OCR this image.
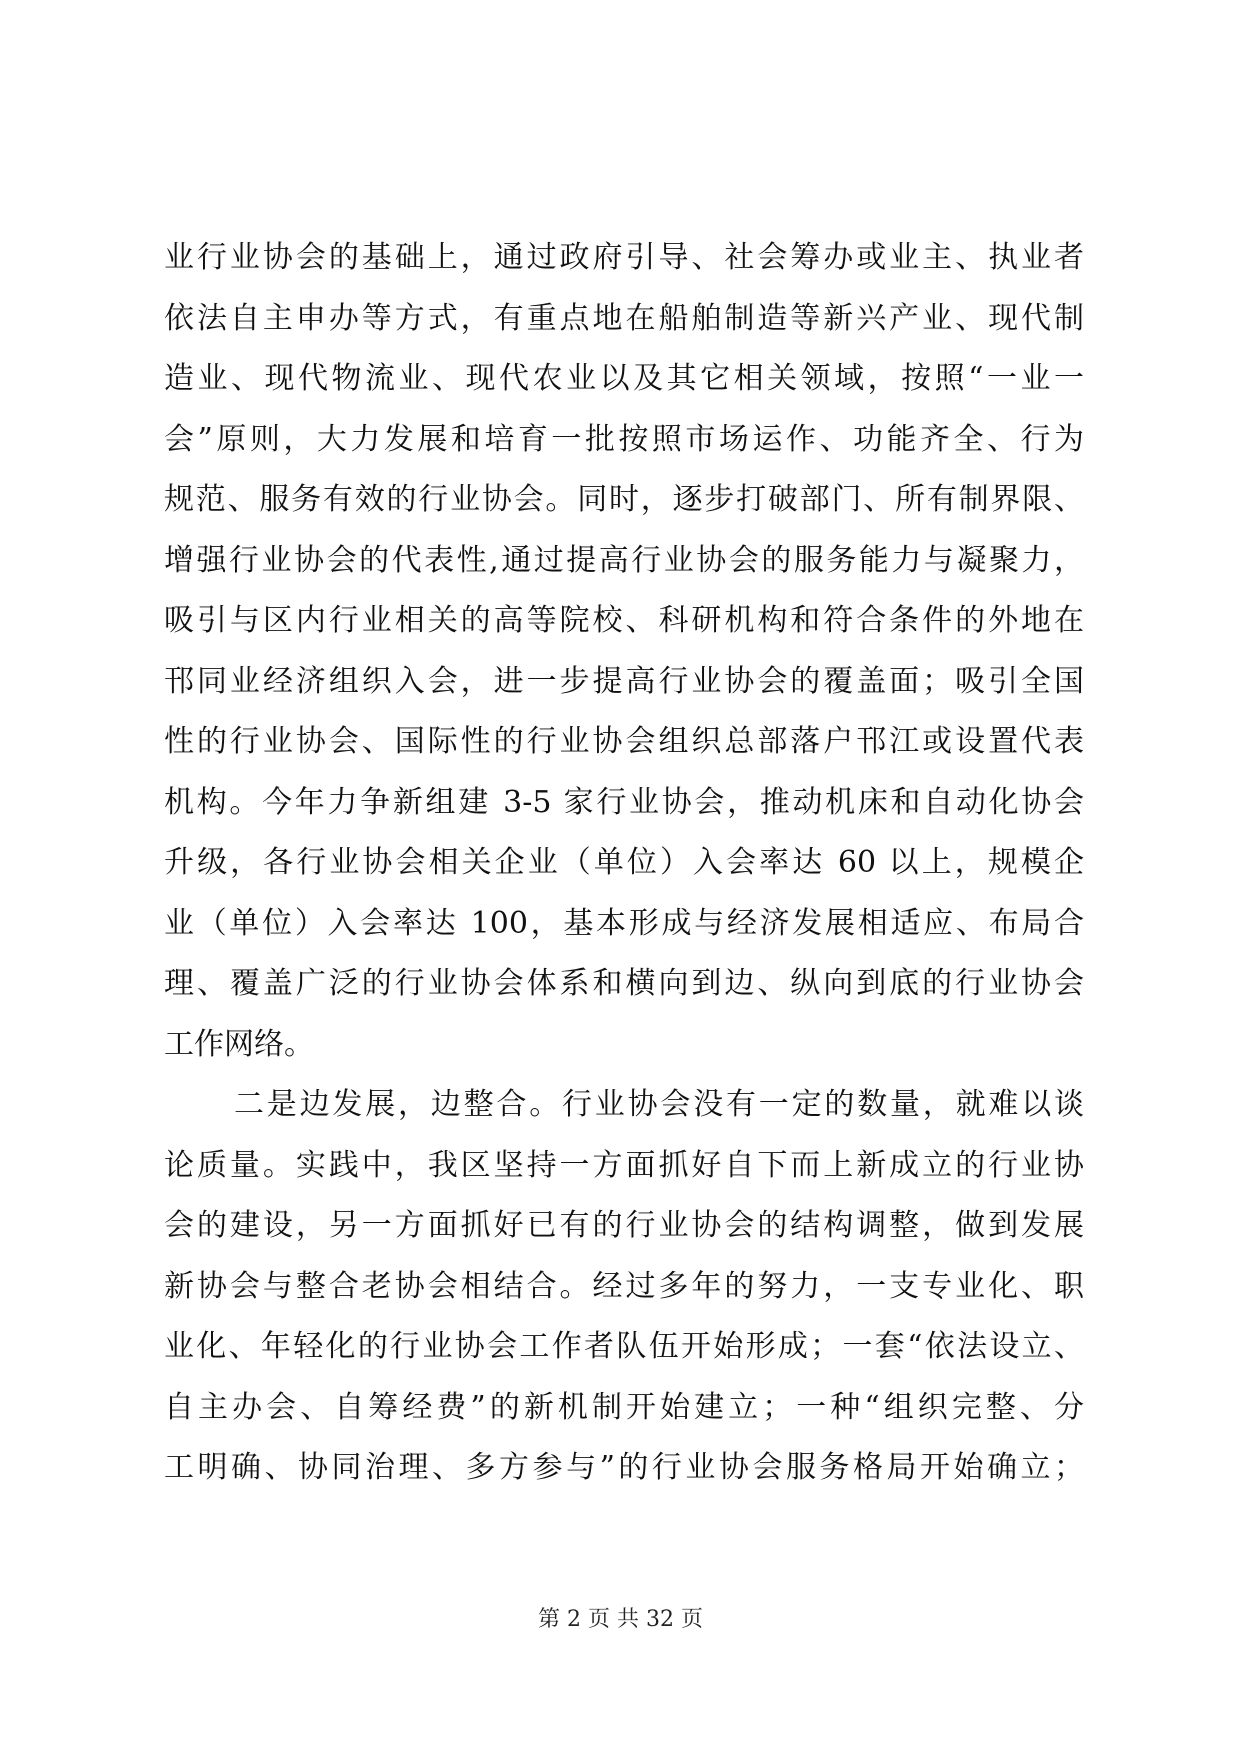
业行业协会的基础上，通过政府引导、社会筹办或业主、执业者
依法自主申办等方式，有重点地在船舶制造等新兴产业、现代制
造业、现代物流业、现代农业以及其它相关领域，按照“一业一
会”原则，大力发展和培育一批按照市场运作、功能齐全、行为
规范、服务有效的行业协会。同时，逐步打破部门、所有制界限、
增强行业协会的代表性,通过提高行业协会的服务能力与凝聚力，
吸引与区内行业相关的高等院校、科研机构和符合条件的外地在
邗同业经济组织入会，进一步提高行业协会的覆盖面；吸引全国
性的行业协会、国际性的行业协会组织总部落户邗江或设置代表
机构。今年力争新组建 3-5 家行业协会，推动机床和自动化协会
升级，各行业协会相关企业（单位）入会率达 60 以上，规模企
业（单位）入会率达 100，基本形成与经济发展相适应、布局合
理、覆盖广泛的行业协会体系和横向到边、纵向到底的行业协会
工作网络。
二是边发展，边整合。行业协会没有一定的数量，就难以谈
论质量。实践中，我区坚持一方面抓好自下而上新成立的行业协
会的建设，另一方面抓好已有的行业协会的结构调整，做到发展
新协会与整合老协会相结合。经过多年的努力，一支专业化、职
业化、年轻化的行业协会工作者队伍开始形成；一套“依法设立、
自主办会、自筹经费”的新机制开始建立；一种“组织完整、分
工明确、协同治理、多方参与”的行业协会服务格局开始确立；
第 2 页 共 32 页
